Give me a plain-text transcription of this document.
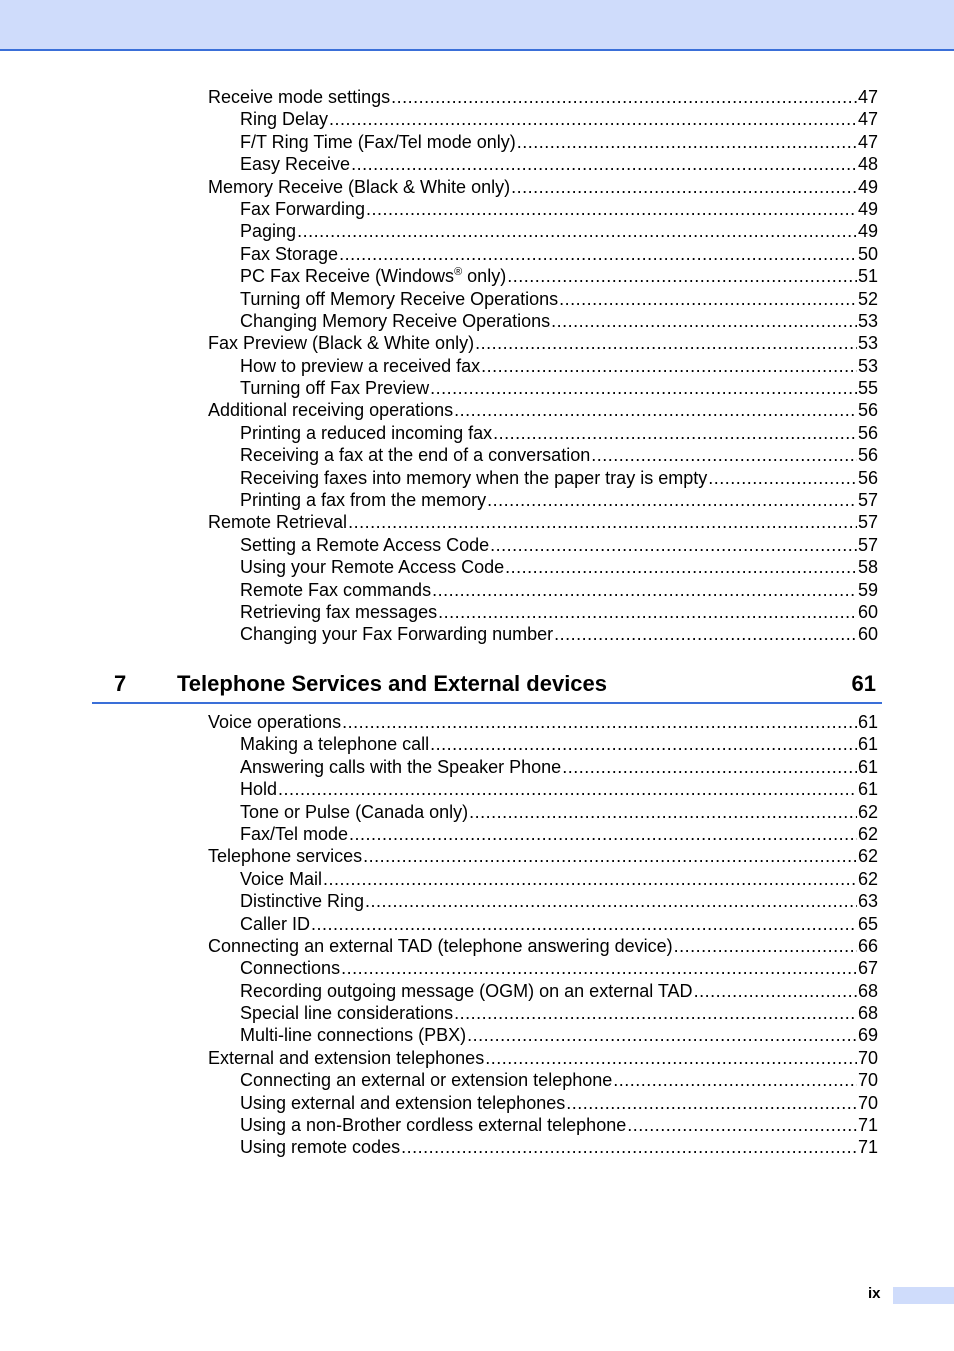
Receive mode settings .....	47
Ring Delay .....	47
F/T Ring Time (Fax/Tel mode only) .....	47
Easy Receive .....	48
Memory Receive (Black & White only) .....	49
Fax Forwarding .....	49
Paging .....	49
Fax Storage .....	50
PC Fax Receive (Windows® only) .....	51
Turning off Memory Receive Operations .....	52
Changing Memory Receive Operations .....	53
Fax Preview (Black & White only) .....	53
How to preview a received fax .....	53
Turning off Fax Preview .....	55
Additional receiving operations .....	56
Printing a reduced incoming fax .....	56
Receiving a fax at the end of a conversation .....	56
Receiving faxes into memory when the paper tray is empty .....	56
Printing a fax from the memory .....	57
Remote Retrieval .....	57
Setting a Remote Access Code .....	57
Using your Remote Access Code .....	58
Remote Fax commands .....	59
Retrieving fax messages .....	60
Changing your Fax Forwarding number .....	60
7 Telephone Services and External devices	61
Voice operations .....	61
Making a telephone call .....	61
Answering calls with the Speaker Phone .....	61
Hold .....	61
Tone or Pulse (Canada only) .....	62
Fax/Tel mode .....	62
Telephone services .....	62
Voice Mail .....	62
Distinctive Ring .....	63
Caller ID .....	65
Connecting an external TAD (telephone answering device) .....	66
Connections .....	67
Recording outgoing message (OGM) on an external TAD .....	68
Special line considerations .....	68
Multi-line connections (PBX) .....	69
External and extension telephones .....	70
Connecting an external or extension telephone .....	70
Using external and extension telephones .....	70
Using a non-Brother cordless external telephone .....	71
Using remote codes .....	71
ix
